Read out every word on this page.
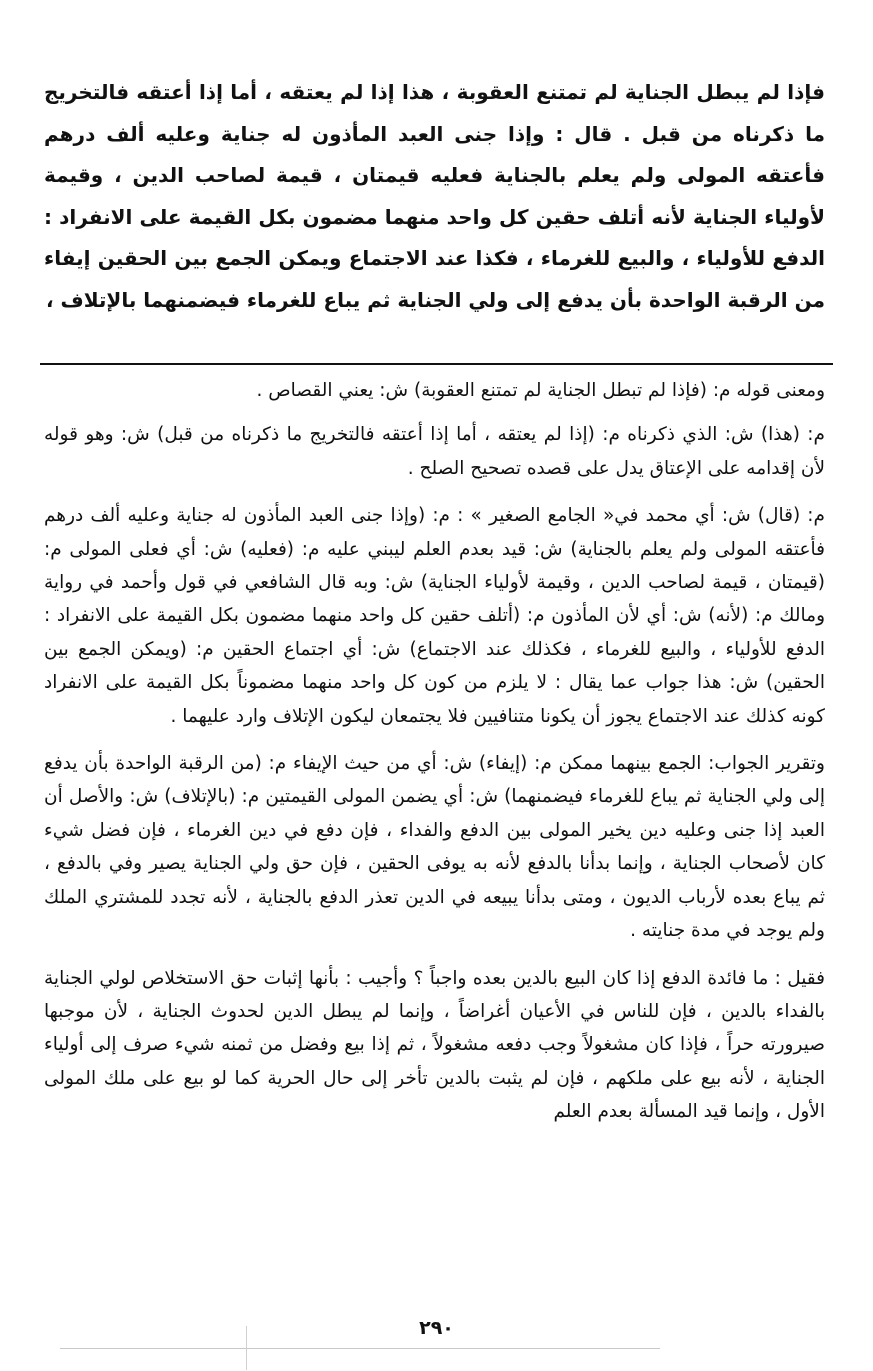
فإذا لم يبطل الجناية لم تمتنع العقوبة ، هذا إذا لم يعتقه ، أما إذا أعتقه فالتخريج ما ذكرناه من قبل . قال : وإذا جنى العبد المأذون له جناية وعليه ألف درهم فأعتقه المولى ولم يعلم بالجناية فعليه قيمتان ، قيمة لصاحب الدين ، وقيمة لأولياء الجناية لأنه أتلف حقين كل واحد منهما مضمون بكل القيمة على الانفراد : الدفع للأولياء ، والبيع للغرماء ، فكذا عند الاجتماع ويمكن الجمع بين الحقين إيفاء من الرقبة الواحدة بأن يدفع إلى ولي الجناية ثم يباع للغرماء فيضمنهما بالإتلاف ،

ومعنى قوله م: (فإذا لم تبطل الجناية لم تمتنع العقوبة) ش: يعني القصاص .

م: (هذا) ش: الذي ذكرناه م: (إذا لم يعتقه ، أما إذا أعتقه فالتخريج ما ذكرناه من قبل) ش: وهو قوله لأن إقدامه على الإعتاق يدل على قصده تصحيح الصلح .

م: (قال) ش: أي محمد في« الجامع الصغير » : م: (وإذا جنى العبد المأذون له جناية وعليه ألف درهم فأعتقه المولى ولم يعلم بالجناية) ش: قيد بعدم العلم ليبني عليه م: (فعليه) ش: أي فعلى المولى م: (قيمتان ، قيمة لصاحب الدين ، وقيمة لأولياء الجناية) ش: وبه قال الشافعي في قول وأحمد في رواية ومالك م: (لأنه) ش: أي لأن المأذون م: (أتلف حقين كل واحد منهما مضمون بكل القيمة على الانفراد : الدفع للأولياء ، والبيع للغرماء ، فكذلك عند الاجتماع) ش: أي اجتماع الحقين م: (ويمكن الجمع بين الحقين) ش: هذا جواب عما يقال : لا يلزم من كون كل واحد منهما مضموناً بكل القيمة على الانفراد كونه كذلك عند الاجتماع يجوز أن يكونا متنافيين فلا يجتمعان ليكون الإتلاف وارد عليهما .

وتقرير الجواب: الجمع بينهما ممكن م: (إيفاء) ش: أي من حيث الإيفاء م: (من الرقبة الواحدة بأن يدفع إلى ولي الجناية ثم يباع للغرماء فيضمنهما) ش: أي يضمن المولى القيمتين م: (بالإتلاف) ش: والأصل أن العبد إذا جنى وعليه دين يخير المولى بين الدفع والفداء ، فإن دفع في دين الغرماء ، فإن فضل شيء كان لأصحاب الجناية ، وإنما بدأنا بالدفع لأنه به يوفى الحقين ، فإن حق ولي الجناية يصير وفي بالدفع ، ثم يباع بعده لأرباب الديون ، ومتى بدأنا يبيعه في الدين تعذر الدفع بالجناية ، لأنه تجدد للمشتري الملك ولم يوجد في مدة جنايته .

فقيل : ما فائدة الدفع إذا كان البيع بالدين بعده واجباً ؟ وأجيب : بأنها إثبات حق الاستخلاص لولي الجناية بالفداء بالدين ، فإن للناس في الأعيان أغراضاً ، وإنما لم يبطل الدين لحدوث الجناية ، لأن موجبها صيرورته حراً ، فإذا كان مشغولاً وجب دفعه مشغولاً ، ثم إذا بيع وفضل من ثمنه شيء صرف إلى أولياء الجناية ، لأنه بيع على ملكهم ، فإن لم يثبت بالدين تأخر إلى حال الحرية كما لو بيع على ملك المولى الأول ، وإنما قيد المسألة بعدم العلم

٢٩٠
